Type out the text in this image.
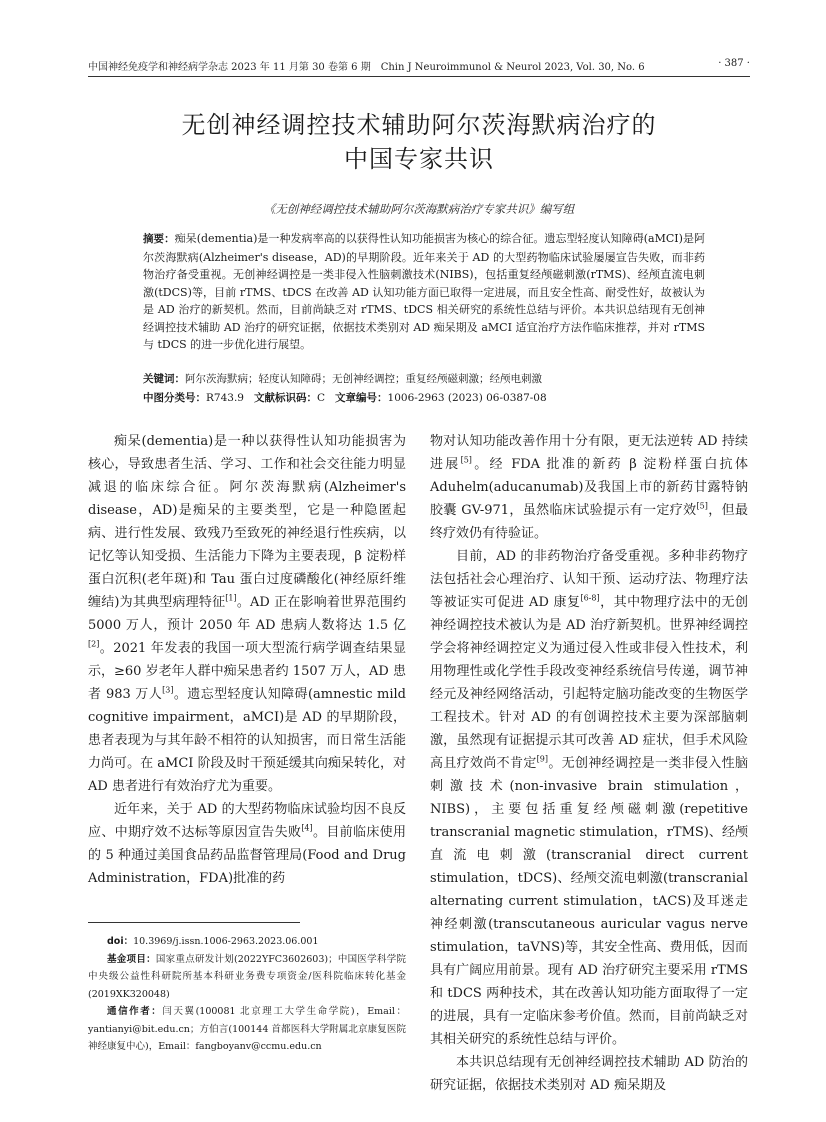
中国神经免疫学和神经病学杂志 2023 年 11 月第 30 卷第 6 期　Chin J Neuroimmunol & Neurol 2023, Vol. 30, No. 6	· 387 ·
无创神经调控技术辅助阿尔茨海默病治疗的
中国专家共识
《无创神经调控技术辅助阿尔茨海默病治疗专家共识》编写组
摘要：痴呆(dementia)是一种发病率高的以获得性认知功能损害为核心的综合征。遗忘型轻度认知障碍(aMCI)是阿尔茨海默病(Alzheimer's disease，AD)的早期阶段。近年来关于 AD 的大型药物临床试验屡屡宣告失败，而非药物治疗备受重视。无创神经调控是一类非侵入性脑刺激技术(NIBS)，包括重复经颅磁刺激(rTMS)、经颅直流电刺激(tDCS)等，目前 rTMS、tDCS 在改善 AD 认知功能方面已取得一定进展，而且安全性高、耐受性好，故被认为是 AD 治疗的新契机。然而，目前尚缺乏对 rTMS、tDCS 相关研究的系统性总结与评价。本共识总结现有无创神经调控技术辅助 AD 治疗的研究证据，依据技术类别对 AD 痴呆期及 aMCI 适宜治疗方法作临床推荐，并对 rTMS 与 tDCS 的进一步优化进行展望。
关键词：阿尔茨海默病；轻度认知障碍；无创神经调控；重复经颅磁刺激；经颅电刺激
中图分类号：R743.9 文献标识码：C 文章编号：1006-2963 (2023) 06-0387-08

痴呆(dementia)是一种以获得性认知功能损害为核心，导致患者生活、学习、工作和社会交往能力明显减退的临床综合征。阿尔茨海默病(Alzheimer's disease，AD)是痴呆的主要类型，它是一种隐匿起病、进行性发展、致残乃至致死的神经退行性疾病，以记忆等认知受损、生活能力下降为主要表现，β 淀粉样蛋白沉积(老年斑)和 Tau 蛋白过度磷酸化(神经原纤维缠结)为其典型病理特征[1]。AD 正在影响着世界范围约 5000 万人，预计 2050 年 AD 患病人数将达 1.5 亿[2]。2021 年发表的我国一项大型流行病学调查结果显示，≥60 岁老年人群中痴呆患者约 1507 万人，AD 患者 983 万人[3]。遗忘型轻度认知障碍(amnestic mild cognitive impairment，aMCI)是 AD 的早期阶段，患者表现为与其年龄不相符的认知损害，而日常生活能力尚可。在 aMCI 阶段及时干预延缓其向痴呆转化，对 AD 患者进行有效治疗尤为重要。

近年来，关于 AD 的大型药物临床试验均因不良反应、中期疗效不达标等原因宣告失败[4]。目前临床使用的 5 种通过美国食品药品监督管理局(Food and Drug Administration，FDA)批准的药

物对认知功能改善作用十分有限，更无法逆转 AD 持续进展[5]。经 FDA 批准的新药 β 淀粉样蛋白抗体 Aduhelm(aducanumab)及我国上市的新药甘露特钠胶囊 GV-971，虽然临床试验提示有一定疗效[5]，但最终疗效仍有待验证。

目前，AD 的非药物治疗备受重视。多种非药物疗法包括社会心理治疗、认知干预、运动疗法、物理疗法等被证实可促进 AD 康复[6-8]，其中物理疗法中的无创神经调控技术被认为是 AD 治疗新契机。世界神经调控学会将神经调控定义为通过侵入性或非侵入性技术，利用物理性或化学性手段改变神经系统信号传递，调节神经元及神经网络活动，引起特定脑功能改变的生物医学工程技术。针对 AD 的有创调控技术主要为深部脑刺激，虽然现有证据提示其可改善 AD 症状，但手术风险高且疗效尚不肯定[9]。无创神经调控是一类非侵入性脑刺激技术(non-invasive brain stimulation，NIBS)，主要包括重复经颅磁刺激(repetitive transcranial magnetic stimulation，rTMS)、经颅直流电刺激(transcranial direct current stimulation，tDCS)、经颅交流电刺激(transcranial alternating current stimulation，tACS)及耳迷走神经刺激(transcutaneous auricular vagus nerve stimulation，taVNS)等，其安全性高、费用低，因而具有广阔应用前景。现有 AD 治疗研究主要采用 rTMS 和 tDCS 两种技术，其在改善认知功能方面取得了一定的进展，具有一定临床参考价值。然而，目前尚缺乏对其相关研究的系统性总结与评价。

本共识总结现有无创神经调控技术辅助 AD 防治的研究证据，依据技术类别对 AD 痴呆期及

doi：10.3969/j.issn.1006-2963.2023.06.001
基金项目：国家重点研发计划(2022YFC3602603)；中国医学科学院中央级公益性科研院所基本科研业务费专项资金/医科院临床转化基金(2019XK320048)
通信作者：闫天翼(100081 北京理工大学生命学院)，Email：yantianyi@bit.edu.cn；方伯言(100144 首都医科大学附属北京康复医院神经康复中心)，Email：fangboyanv@ccmu.edu.cn
